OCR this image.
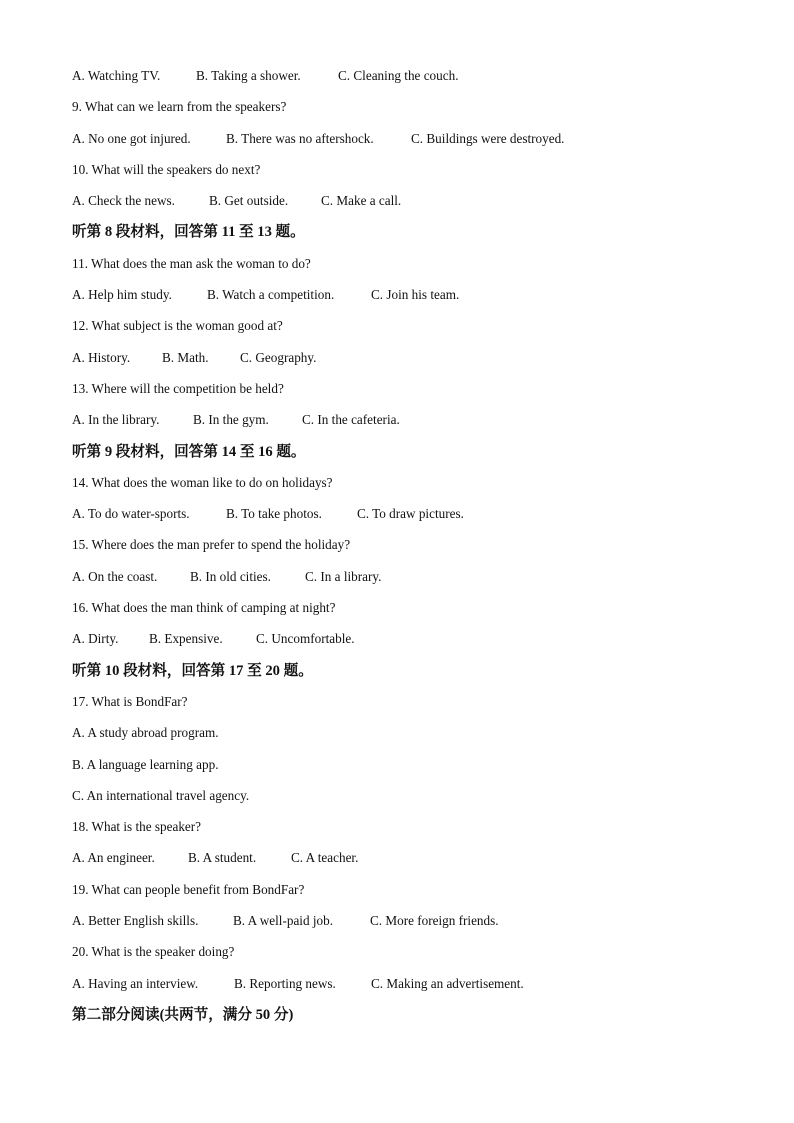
A. Watching TV.	B. Taking a shower.	C. Cleaning the couch.
9. What can we learn from the speakers?
A. No one got injured.	B. There was no aftershock.	C. Buildings were destroyed.
10. What will the speakers do next?
A. Check the news.	B. Get outside. C. Make a call.
听第 8 段材料，回答第 11 至 13 题。
11. What does the man ask the woman to do?
A. Help him study.	B. Watch a competition.	C. Join his team.
12. What subject is the woman good at?
A. History. B. Math. C. Geography.
13. Where will the competition be held?
A. In the library.	B. In the gym.	C. In the cafeteria.
听第 9 段材料，回答第 14 至 16 题。
14. What does the woman like to do on holidays?
A. To do water-sports.	B. To take photos.	C. To draw pictures.
15. Where does the man prefer to spend the holiday?
A. On the coast. B. In old cities.	C. In a library.
16. What does the man think of camping at night?
A. Dirty. B. Expensive.	C. Uncomfortable.
听第 10 段材料，回答第 17 至 20 题。
17. What is BondFar?
A. A study abroad program.
B. A language learning app.
C. An international travel agency.
18. What is the speaker?
A. An engineer.	B. A student.	C. A teacher.
19. What can people benefit from BondFar?
A. Better English skills.	B. A well-paid job.	C. More foreign friends.
20. What is the speaker doing?
A. Having an interview.	B. Reporting news.	C. Making an advertisement.
第二部分阅读(共两节，满分 50 分)
